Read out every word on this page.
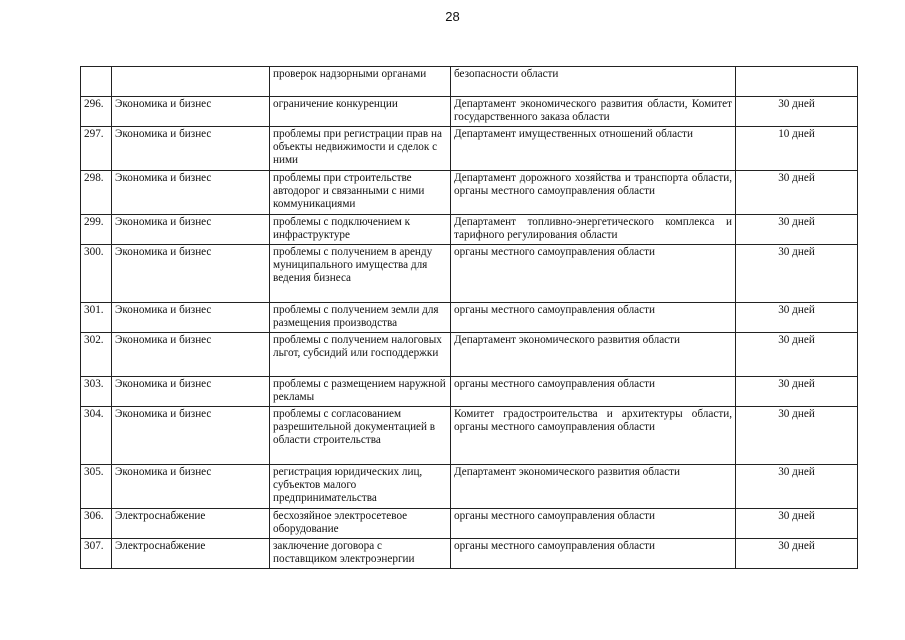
28
		проверок надзорными органами	безопасности области	
296.	Экономика и бизнес	ограничение конкуренции	Департамент экономического развития области, Комитет государственного заказа области	30 дней
297.	Экономика и бизнес	проблемы при регистрации прав на объекты недвижимости и сделок с ними	Департамент имущественных отношений области	10 дней
298.	Экономика и бизнес	проблемы при строительстве автодорог и связанными с ними коммуникациями	Департамент дорожного хозяйства и транспорта области, органы местного самоуправления области	30 дней
299.	Экономика и бизнес	проблемы с подключением к инфраструктуре	Департамент топливно-энергетического комплекса и тарифного регулирования области	30 дней
300.	Экономика и бизнес	проблемы с получением в аренду муниципального имущества для ведения бизнеса	органы местного самоуправления области	30 дней
301.	Экономика и бизнес	проблемы с получением земли для размещения производства	органы местного самоуправления области	30 дней
302.	Экономика и бизнес	проблемы с получением налоговых льгот, субсидий или господдержки	Департамент экономического развития области	30 дней
303.	Экономика и бизнес	проблемы с размещением наружной рекламы	органы местного самоуправления области	30 дней
304.	Экономика и бизнес	проблемы с согласованием разрешительной документацией в области строительства	Комитет градостроительства и архитектуры области, органы местного самоуправления области	30 дней
305.	Экономика и бизнес	регистрация юридических лиц, субъектов малого предпринимательства	Департамент экономического развития области	30 дней
306.	Электроснабжение	бесхозяйное электросетевое оборудование	органы местного самоуправления области	30 дней
307.	Электроснабжение	заключение договора с поставщиком электроэнергии	органы местного самоуправления области	30 дней
